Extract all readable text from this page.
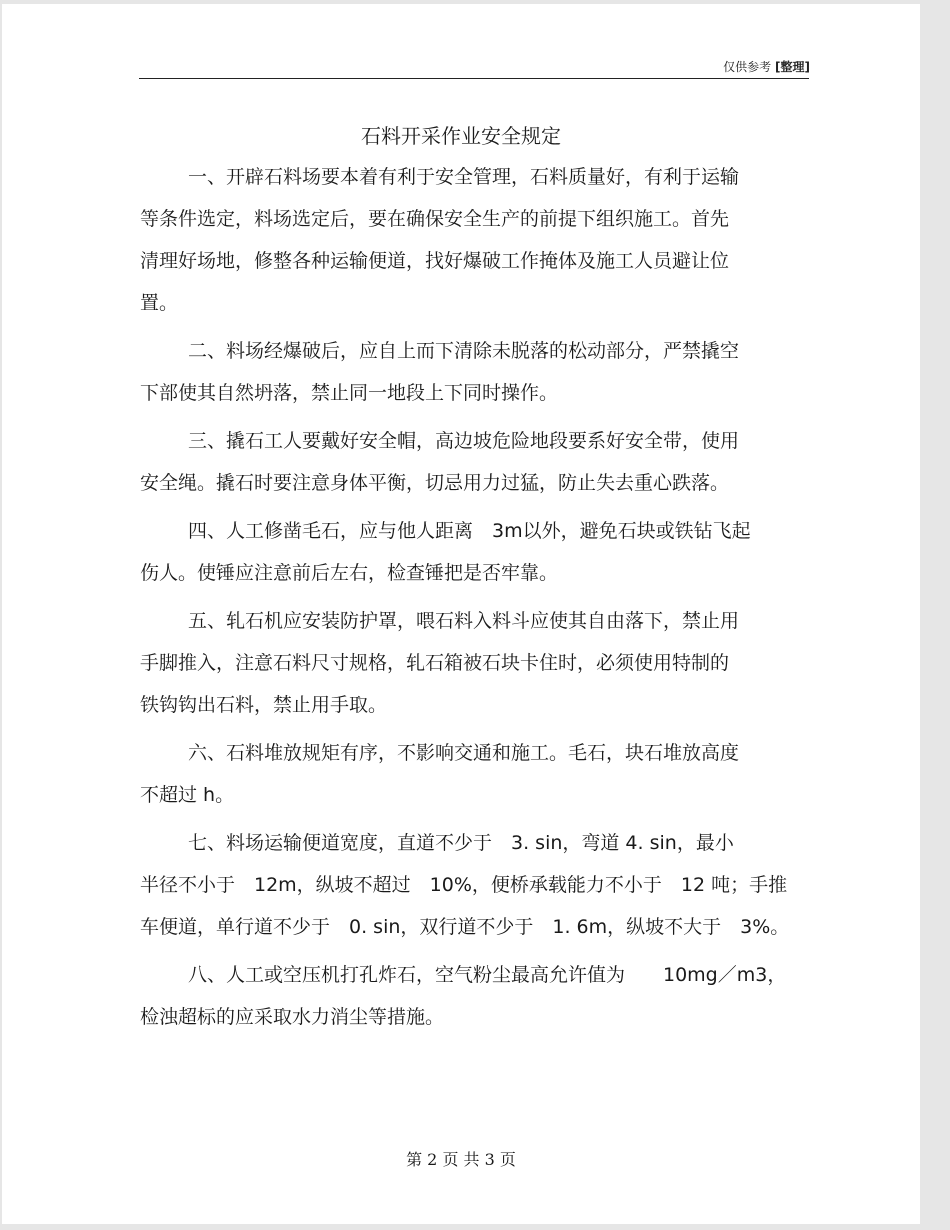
仅供参考 [整理]
石料开采作业安全规定
一、开辟石料场要本着有利于安全管理，石料质量好，有利于运输
等条件选定，料场选定后，要在确保安全生产的前提下组织施工。首先
清理好场地，修整各种运输便道，找好爆破工作掩体及施工人员避让位
置。
二、料场经爆破后，应自上而下清除未脱落的松动部分，严禁撬空
下部使其自然坍落，禁止同一地段上下同时操作。
三、撬石工人要戴好安全帽，高边坡危险地段要系好安全带，使用
安全绳。撬石时要注意身体平衡，切忌用力过猛，防止失去重心跌落。
四、人工修凿毛石，应与他人距离　3m以外，避免石块或铁钻飞起
伤人。使锤应注意前后左右，检查锤把是否牢靠。
五、轧石机应安装防护罩，喂石料入料斗应使其自由落下，禁止用
手脚推入，注意石料尺寸规格，轧石箱被石块卡住时，必须使用特制的
铁钩钩出石料，禁止用手取。
六、石料堆放规矩有序，不影响交通和施工。毛石，块石堆放高度
不超过 h。
七、料场运输便道宽度，直道不少于　3. sin，弯道 4. sin，最小
半径不小于　12m，纵坡不超过　10%，便桥承载能力不小于　12 吨；手推
车便道，单行道不少于　0. sin，双行道不少于　1. 6m，纵坡不大于　3%。
八、人工或空压机打孔炸石，空气粉尘最高允许值为　　10mg／m3，
检浊超标的应采取水力消尘等措施。
第 2 页 共 3 页
